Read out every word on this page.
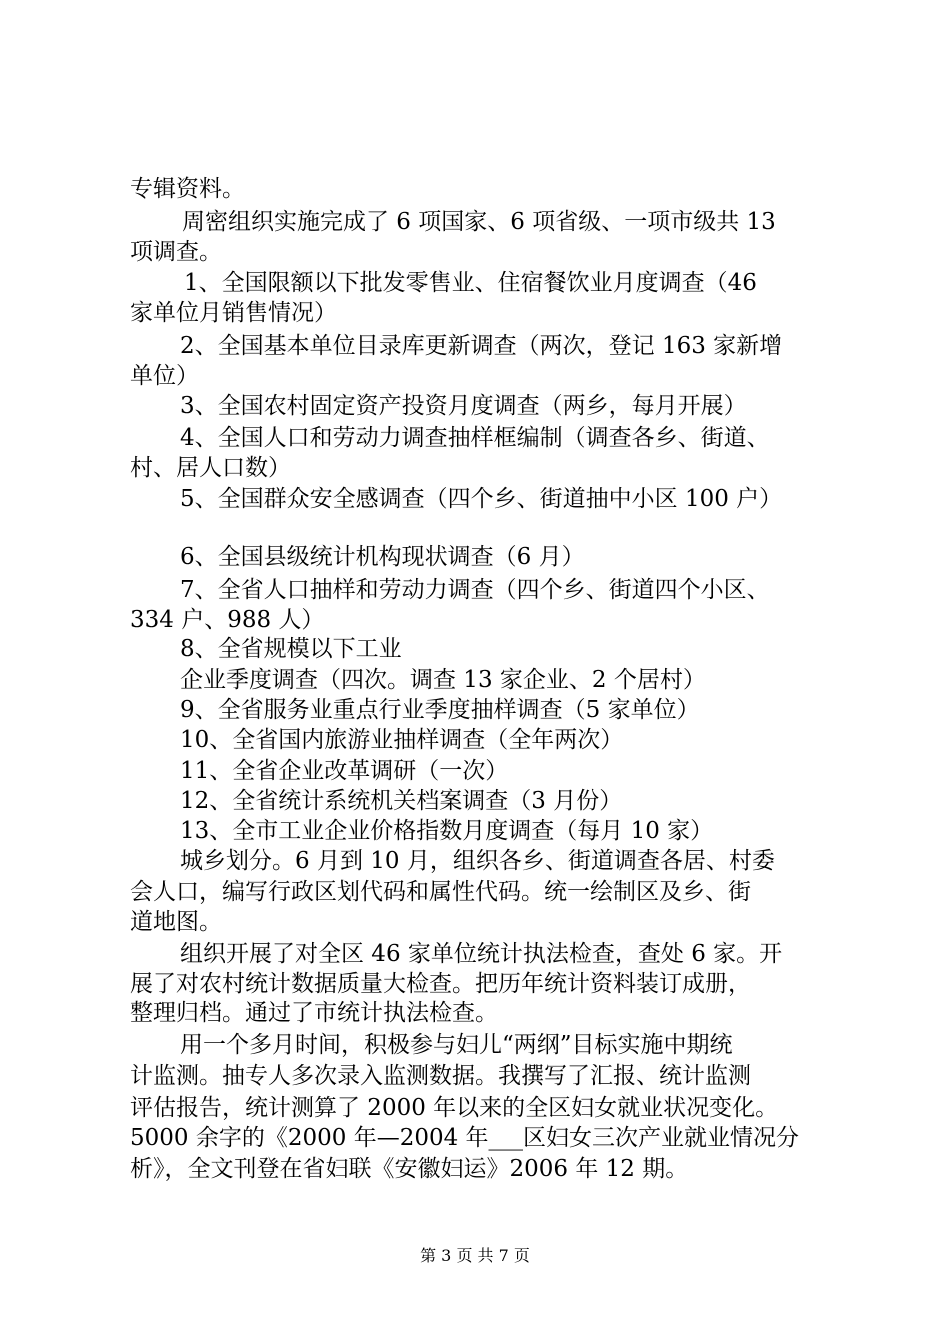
专辑资料。
周密组织实施完成了 6 项国家、6 项省级、一项市级共 13
项调查。
1、全国限额以下批发零售业、住宿餐饮业月度调查（46
家单位月销售情况）
2、全国基本单位目录库更新调查（两次，登记 163 家新增
单位）
3、全国农村固定资产投资月度调查（两乡，每月开展）
4、全国人口和劳动力调查抽样框编制（调查各乡、街道、
村、居人口数）
5、全国群众安全感调查（四个乡、街道抽中小区 100 户）
6、全国县级统计机构现状调查（6 月）
7、全省人口抽样和劳动力调查（四个乡、街道四个小区、
334 户、988 人）
8、全省规模以下工业
企业季度调查（四次。调查 13 家企业、2 个居村）
9、全省服务业重点行业季度抽样调查（5 家单位）
10、全省国内旅游业抽样调查（全年两次）
11、全省企业改革调研（一次）
12、全省统计系统机关档案调查（3 月份）
13、全市工业企业价格指数月度调查（每月 10 家）
城乡划分。6 月到 10 月，组织各乡、街道调查各居、村委
会人口，编写行政区划代码和属性代码。统一绘制区及乡、街
道地图。
组织开展了对全区 46 家单位统计执法检查，查处 6 家。开
展了对农村统计数据质量大检查。把历年统计资料装订成册，
整理归档。通过了市统计执法检查。
用一个多月时间，积极参与妇儿“两纲”目标实施中期统
计监测。抽专人多次录入监测数据。我撰写了汇报、统计监测
评估报告，统计测算了 2000 年以来的全区妇女就业状况变化。
5000 余字的《2000 年—2004 年___区妇女三次产业就业情况分
析》，全文刊登在省妇联《安徽妇运》2006 年 12 期。
第 3 页 共 7 页
